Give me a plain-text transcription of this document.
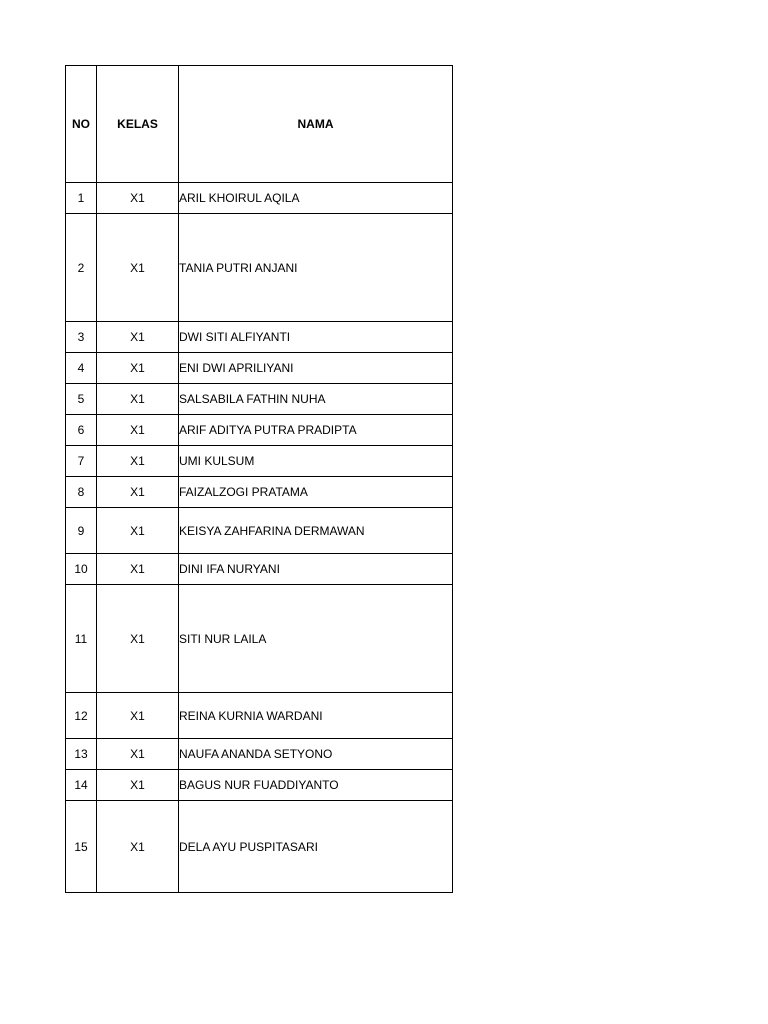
NO	KELAS	NAMA
1	X1	ARIL KHOIRUL AQILA
2	X1	TANIA PUTRI ANJANI
3	X1	DWI SITI ALFIYANTI
4	X1	ENI DWI APRILIYANI
5	X1	SALSABILA FATHIN NUHA
6	X1	ARIF ADITYA PUTRA PRADIPTA
7	X1	UMI KULSUM
8	X1	FAIZALZOGI PRATAMA
9	X1	KEISYA ZAHFARINA DERMAWAN
10	X1	DINI IFA NURYANI
11	X1	SITI NUR LAILA
12	X1	REINA KURNIA WARDANI
13	X1	NAUFA ANANDA SETYONO
14	X1	BAGUS NUR FUADDIYANTO
15	X1	DELA AYU PUSPITASARI
